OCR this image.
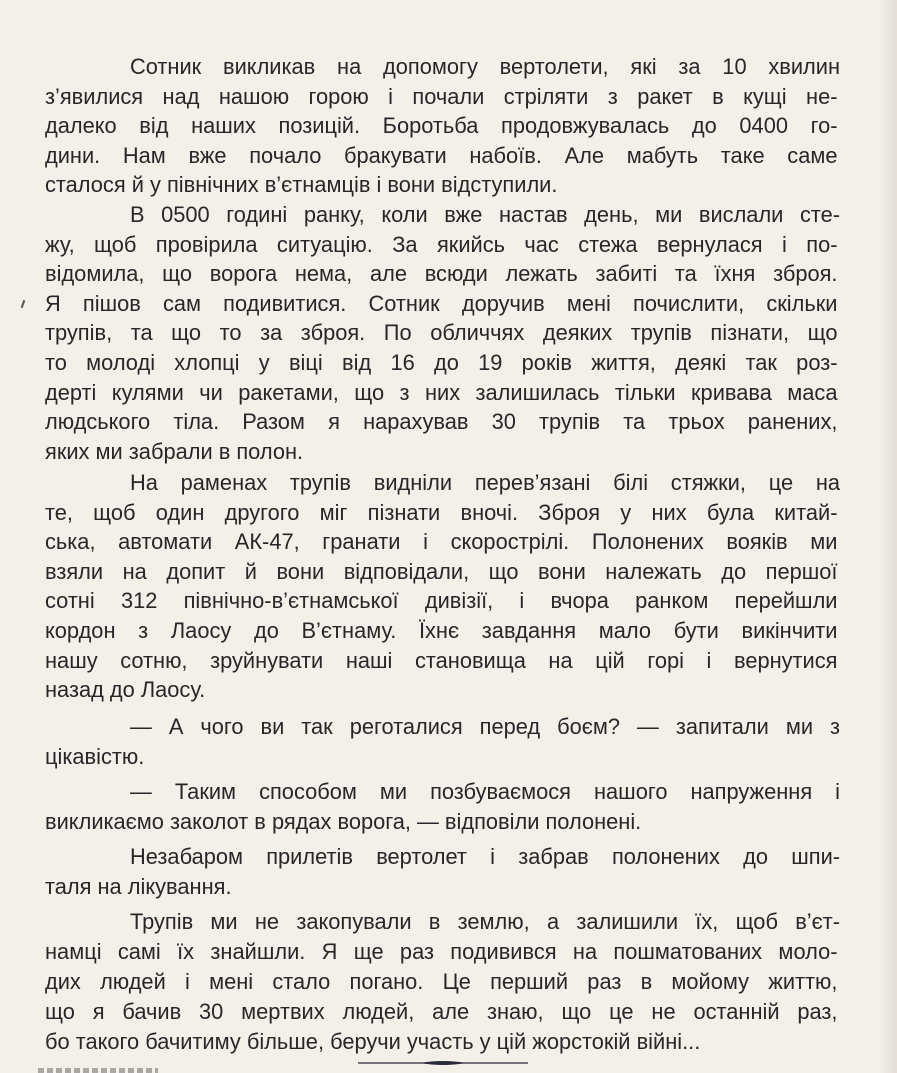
Сотник викликав на допомогу вертолети, які за 10 хвилин
з’явилися над нашою горою і почали стріляти з ракет в кущі не-
далеко від наших позицій. Боротьба продовжувалась до 0400 го-
дини. Нам вже почало бракувати набоїв. Але мабуть таке саме
сталося й у північних в’єтнамців і вони відступили.
В 0500 годині ранку, коли вже настав день, ми вислали сте-
жу, щоб провірила ситуацію. За якийсь час стежа вернулася і по-
відомила, що ворога нема, але всюди лежать забиті та їхня зброя.
Я пішов сам подивитися. Сотник доручив мені почислити, скільки
трупів, та що то за зброя. По обличчях деяких трупів пізнати, що
то молоді хлопці у віці від 16 до 19 років життя, деякі так роз-
дерті кулями чи ракетами, що з них залишилась тільки кривава маса
людського тіла. Разом я нарахував 30 трупів та трьох ранених,
яких ми забрали в полон.
На раменах трупів видніли перев’язані білі стяжки, це на
те, щоб один другого міг пізнати вночі. Зброя у них була китай-
ська, автомати АК-47, гранати і скорострілі. Полонених вояків ми
взяли на допит й вони відповідали, що вони належать до першої
сотні 312 північно-в’єтнамської дивізії, і вчора ранком перейшли
кордон з Лаосу до В’єтнаму. Їхнє завдання мало бути викінчити
нашу сотню, зруйнувати наші становища на цій горі і вернутися
назад до Лаосу.
— А чого ви так реготалися перед боєм? — запитали ми з
цікавістю.
— Таким способом ми позбуваємося нашого напруження і
викликаємо заколот в рядах ворога, — відповіли полонені.
Незабаром прилетів вертолет і забрав полонених до шпи-
таля на лікування.
Трупів ми не закопували в землю, а залишили їх, щоб в’єт-
намці самі їх знайшли. Я ще раз подивився на пошматованих моло-
дих людей і мені стало погано. Це перший раз в мойому життю,
що я бачив 30 мертвих людей, але знаю, що це не останній раз,
бо такого бачитиму більше, беручи участь у цій жорстокій війні...
